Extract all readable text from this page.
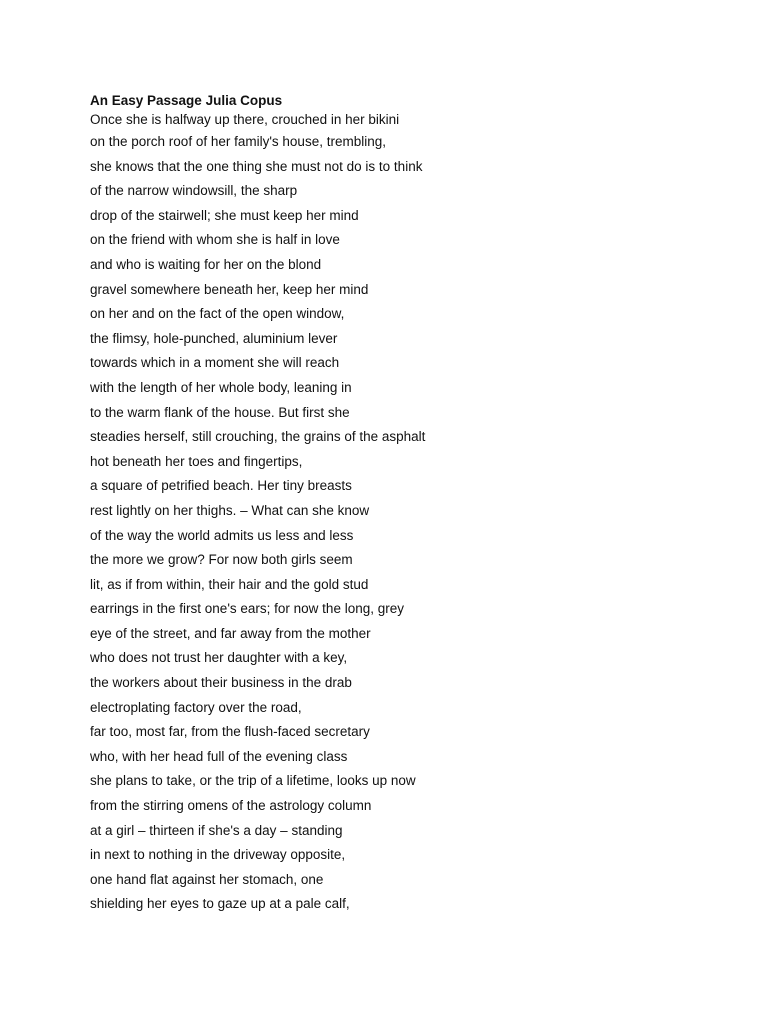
An Easy Passage Julia Copus
Once she is halfway up there, crouched in her bikini
on the porch roof of her family's house, trembling,
she knows that the one thing she must not do is to think
of the narrow windowsill, the sharp
drop of the stairwell; she must keep her mind
on the friend with whom she is half in love
and who is waiting for her on the blond
gravel somewhere beneath her, keep her mind
on her and on the fact of the open window,
the flimsy, hole-punched, aluminium lever
towards which in a moment she will reach
with the length of her whole body, leaning in
to the warm flank of the house. But first she
steadies herself, still crouching, the grains of the asphalt
hot beneath her toes and fingertips,
a square of petrified beach. Her tiny breasts
rest lightly on her thighs. – What can she know
of the way the world admits us less and less
the more we grow? For now both girls seem
lit, as if from within, their hair and the gold stud
earrings in the first one's ears; for now the long, grey
eye of the street, and far away from the mother
who does not trust her daughter with a key,
the workers about their business in the drab
electroplating factory over the road,
far too, most far, from the flush-faced secretary
who, with her head full of the evening class
she plans to take, or the trip of a lifetime, looks up now
from the stirring omens of the astrology column
at a girl – thirteen if she's a day – standing
in next to nothing in the driveway opposite,
one hand flat against her stomach, one
shielding her eyes to gaze up at a pale calf,
